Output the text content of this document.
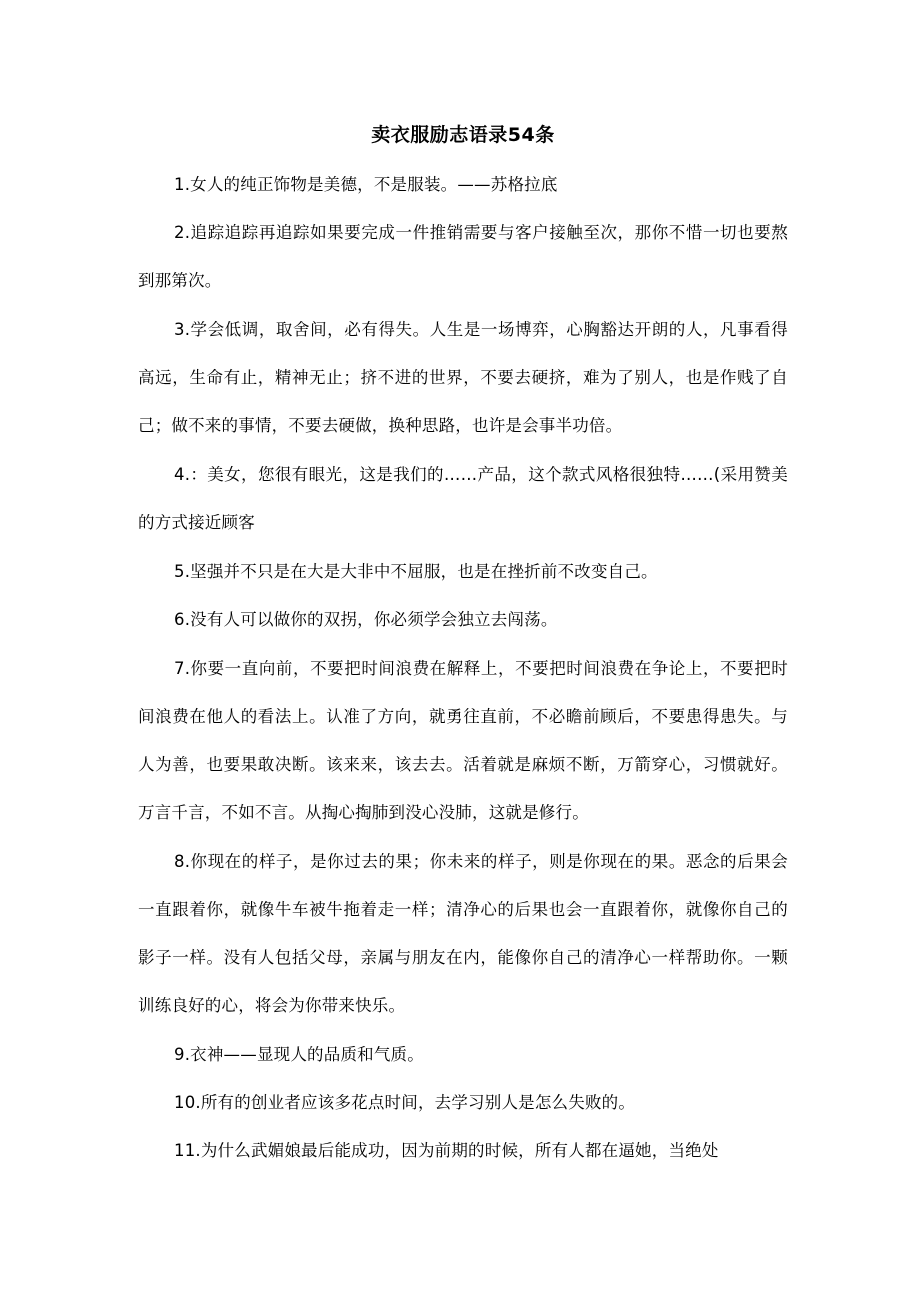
卖衣服励志语录54条

1.女人的纯正饰物是美德，不是服装。——苏格拉底

2.追踪追踪再追踪如果要完成一件推销需要与客户接触至次，那你不惜一切也要熬到那第次。

3.学会低调，取舍间，必有得失。人生是一场博弈，心胸豁达开朗的人，凡事看得高远，生命有止，精神无止；挤不进的世界，不要去硬挤，难为了别人，也是作贱了自己；做不来的事情，不要去硬做，换种思路，也许是会事半功倍。

4.：美女，您很有眼光，这是我们的……产品，这个款式风格很独特……(采用赞美的方式接近顾客

5.坚强并不只是在大是大非中不屈服，也是在挫折前不改变自己。

6.没有人可以做你的双拐，你必须学会独立去闯荡。

7.你要一直向前，不要把时间浪费在解释上，不要把时间浪费在争论上，不要把时间浪费在他人的看法上。认准了方向，就勇往直前，不必瞻前顾后，不要患得患失。与人为善，也要果敢决断。该来来，该去去。活着就是麻烦不断，万箭穿心，习惯就好。万言千言，不如不言。从掏心掏肺到没心没肺，这就是修行。

8.你现在的样子，是你过去的果；你未来的样子，则是你现在的果。恶念的后果会一直跟着你，就像牛车被牛拖着走一样；清净心的后果也会一直跟着你，就像你自己的影子一样。没有人包括父母，亲属与朋友在内，能像你自己的清净心一样帮助你。一颗训练良好的心，将会为你带来快乐。

9.衣神——显现人的品质和气质。

10.所有的创业者应该多花点时间，去学习别人是怎么失败的。

11.为什么武媚娘最后能成功，因为前期的时候，所有人都在逼她，当绝处
